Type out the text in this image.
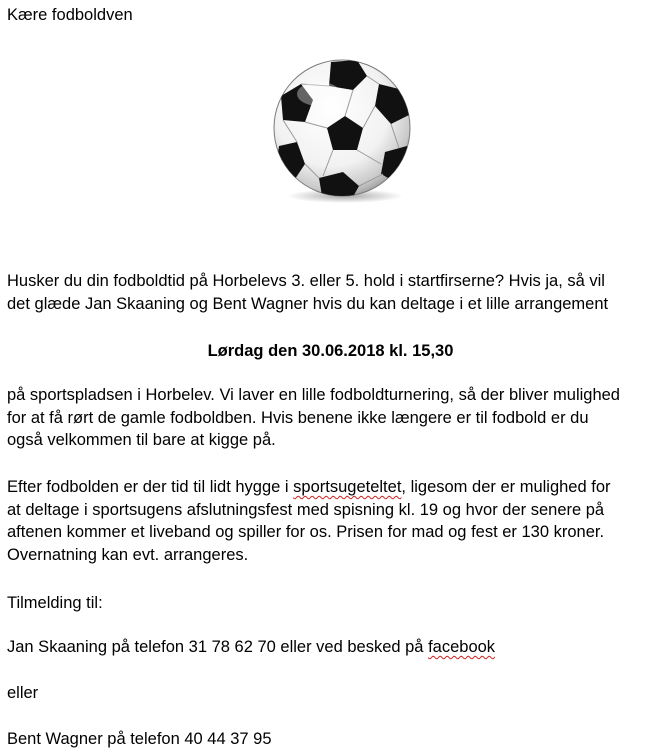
Kære fodboldven
Husker du din fodboldtid på Horbelevs 3. eller 5. hold i startfirserne? Hvis ja, så vil
det glæde Jan Skaaning og Bent Wagner hvis du kan deltage i et lille arrangement
Lørdag den 30.06.2018 kl. 15,30
på sportspladsen i Horbelev. Vi laver en lille fodboldturnering, så der bliver mulighed
for at få rørt de gamle fodboldben. Hvis benene ikke længere er til fodbold er du
også velkommen til bare at kigge på.
Efter fodbolden er der tid til lidt hygge i sportsugeteltet, ligesom der er mulighed for
at deltage i sportsugens afslutningsfest med spisning kl. 19 og hvor der senere på
aftenen kommer et liveband og spiller for os. Prisen for mad og fest er 130 kroner.
Overnatning kan evt. arrangeres.
Tilmelding til:
Jan Skaaning på telefon 31 78 62 70 eller ved besked på facebook
eller
Bent Wagner på telefon 40 44 37 95
